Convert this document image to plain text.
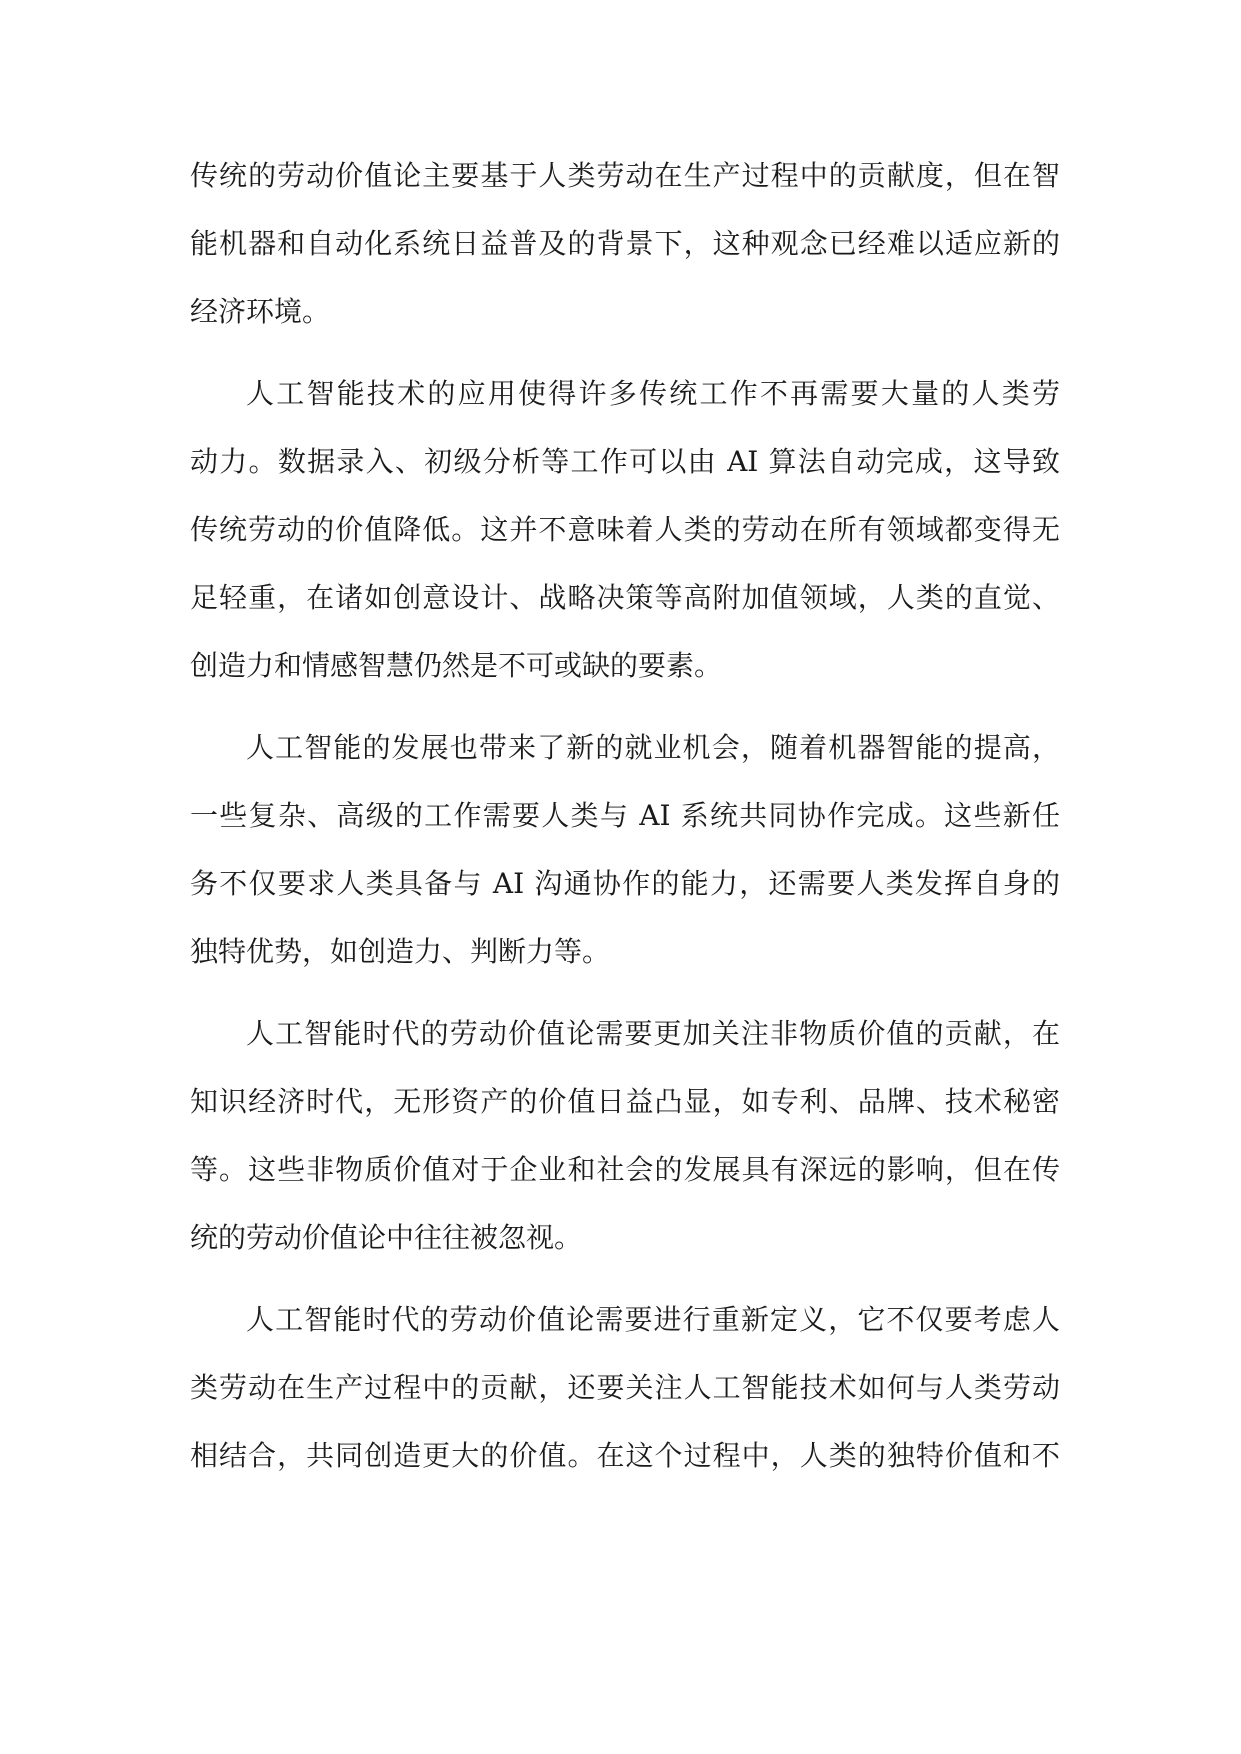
传统的劳动价值论主要基于人类劳动在生产过程中的贡献度，但在智
能机器和自动化系统日益普及的背景下，这种观念已经难以适应新的
经济环境。
人工智能技术的应用使得许多传统工作不再需要大量的人类劳
动力。数据录入、初级分析等工作可以由 AI 算法自动完成，这导致
传统劳动的价值降低。这并不意味着人类的劳动在所有领域都变得无
足轻重，在诸如创意设计、战略决策等高附加值领域，人类的直觉、
创造力和情感智慧仍然是不可或缺的要素。
人工智能的发展也带来了新的就业机会，随着机器智能的提高，
一些复杂、高级的工作需要人类与 AI 系统共同协作完成。这些新任
务不仅要求人类具备与 AI 沟通协作的能力，还需要人类发挥自身的
独特优势，如创造力、判断力等。
人工智能时代的劳动价值论需要更加关注非物质价值的贡献，在
知识经济时代，无形资产的价值日益凸显，如专利、品牌、技术秘密
等。这些非物质价值对于企业和社会的发展具有深远的影响，但在传
统的劳动价值论中往往被忽视。
人工智能时代的劳动价值论需要进行重新定义，它不仅要考虑人
类劳动在生产过程中的贡献，还要关注人工智能技术如何与人类劳动
相结合，共同创造更大的价值。在这个过程中，人类的独特价值和不
